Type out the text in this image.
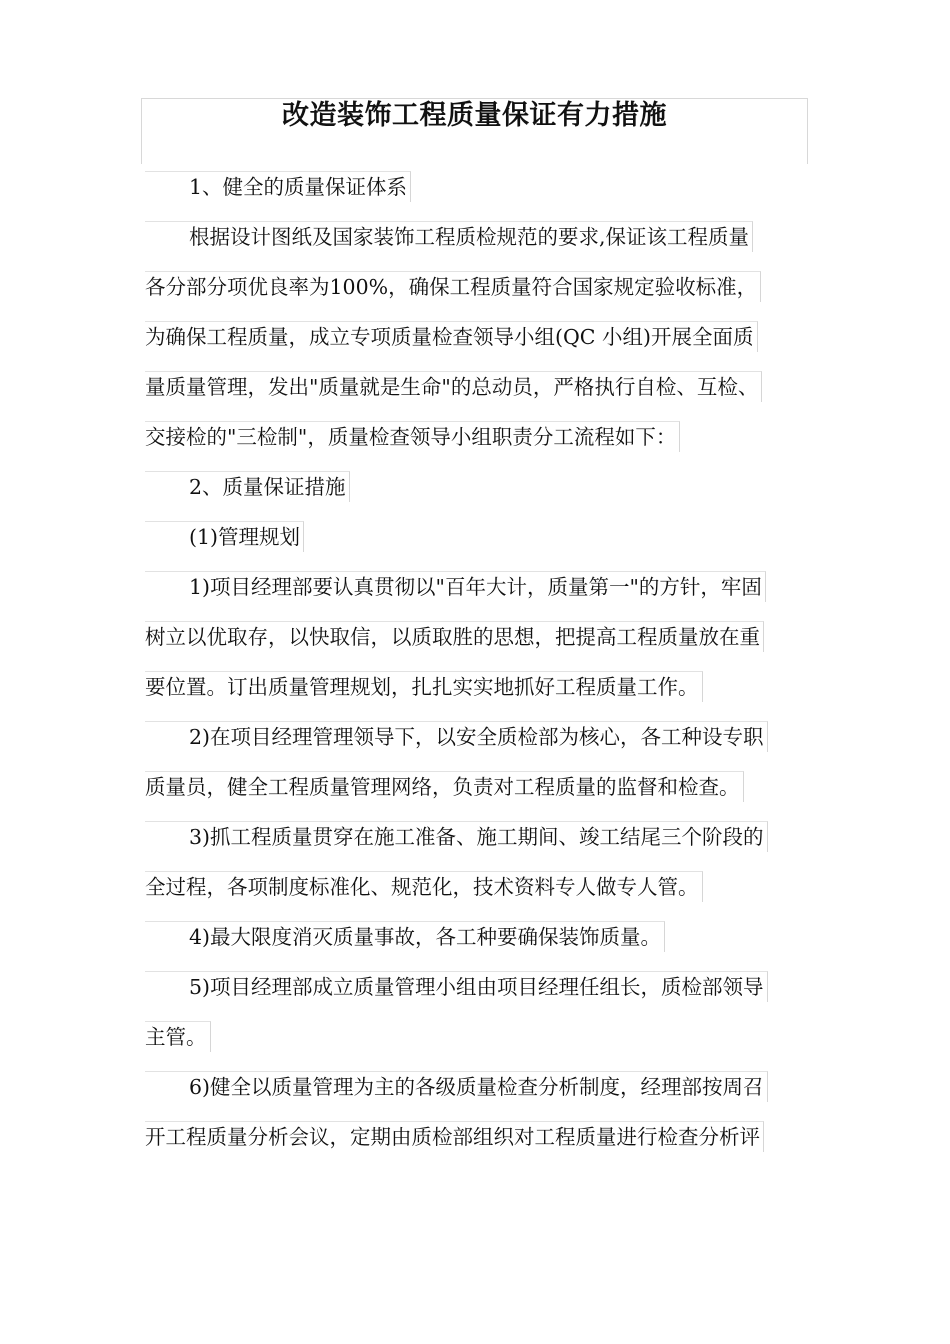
改造装饰工程质量保证有力措施
1、健全的质量保证体系
根据设计图纸及国家装饰工程质检规范的要求,保证该工程质量
各分部分项优良率为100%，确保工程质量符合国家规定验收标准，
为确保工程质量，成立专项质量检查领导小组(QC 小组)开展全面质
量质量管理，发出"质量就是生命"的总动员，严格执行自检、互检、
交接检的"三检制"，质量检查领导小组职责分工流程如下：
2、质量保证措施
(1)管理规划
1)项目经理部要认真贯彻以"百年大计，质量第一"的方针，牢固
树立以优取存，以快取信，以质取胜的思想，把提高工程质量放在重
要位置。订出质量管理规划，扎扎实实地抓好工程质量工作。
2)在项目经理管理领导下，以安全质检部为核心，各工种设专职
质量员，健全工程质量管理网络，负责对工程质量的监督和检查。
3)抓工程质量贯穿在施工准备、施工期间、竣工结尾三个阶段的
全过程，各项制度标准化、规范化，技术资料专人做专人管。
4)最大限度消灭质量事故，各工种要确保装饰质量。
5)项目经理部成立质量管理小组由项目经理任组长，质检部领导
主管。
6)健全以质量管理为主的各级质量检查分析制度，经理部按周召
开工程质量分析会议，定期由质检部组织对工程质量进行检查分析评
